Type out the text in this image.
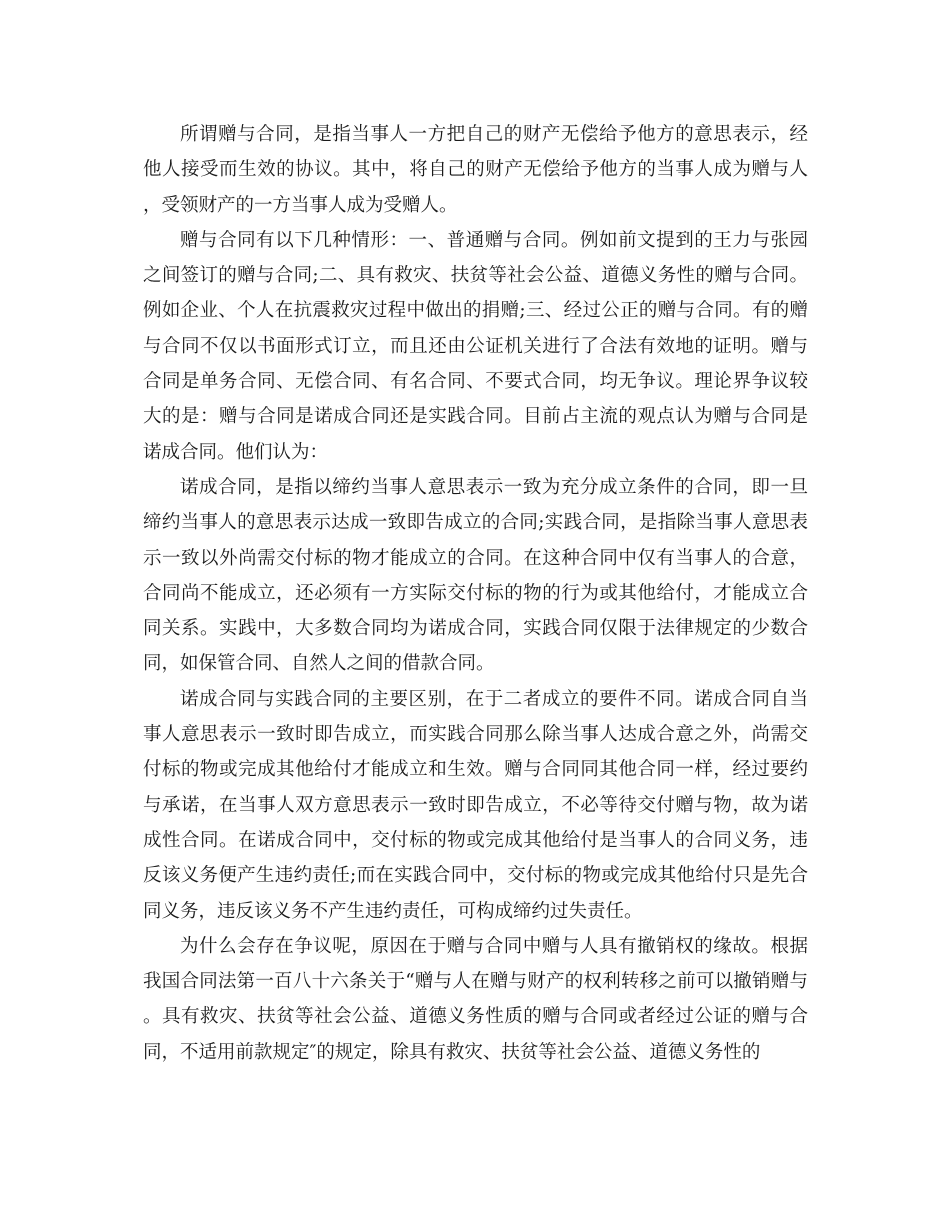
所谓赠与合同，是指当事人一方把自己的财产无偿给予他方的意思表示，经他人接受而生效的协议。其中，将自己的财产无偿给予他方的当事人成为赠与人，受领财产的一方当事人成为受赠人。

赠与合同有以下几种情形：一、普通赠与合同。例如前文提到的王力与张园之间签订的赠与合同;二、具有救灾、扶贫等社会公益、道德义务性的赠与合同。例如企业、个人在抗震救灾过程中做出的捐赠;三、经过公正的赠与合同。有的赠与合同不仅以书面形式订立，而且还由公证机关进行了合法有效地的证明。赠与合同是单务合同、无偿合同、有名合同、不要式合同，均无争议。理论界争议较大的是：赠与合同是诺成合同还是实践合同。目前占主流的观点认为赠与合同是诺成合同。他们认为：

诺成合同，是指以缔约当事人意思表示一致为充分成立条件的合同，即一旦缔约当事人的意思表示达成一致即告成立的合同;实践合同，是指除当事人意思表示一致以外尚需交付标的物才能成立的合同。在这种合同中仅有当事人的合意，合同尚不能成立，还必须有一方实际交付标的物的行为或其他给付，才能成立合同关系。实践中，大多数合同均为诺成合同，实践合同仅限于法律规定的少数合同，如保管合同、自然人之间的借款合同。

诺成合同与实践合同的主要区别，在于二者成立的要件不同。诺成合同自当事人意思表示一致时即告成立，而实践合同那么除当事人达成合意之外，尚需交付标的物或完成其他给付才能成立和生效。赠与合同同其他合同一样，经过要约与承诺，在当事人双方意思表示一致时即告成立，不必等待交付赠与物，故为诺成性合同。在诺成合同中，交付标的物或完成其他给付是当事人的合同义务，违反该义务便产生违约责任;而在实践合同中，交付标的物或完成其他给付只是先合同义务，违反该义务不产生违约责任，可构成缔约过失责任。

为什么会存在争议呢，原因在于赠与合同中赠与人具有撤销权的缘故。根据我国合同法第一百八十六条关于“赠与人在赠与财产的权利转移之前可以撤销赠与。具有救灾、扶贫等社会公益、道德义务性质的赠与合同或者经过公证的赠与合同，不适用前款规定″的规定，除具有救灾、扶贫等社会公益、道德义务性的
